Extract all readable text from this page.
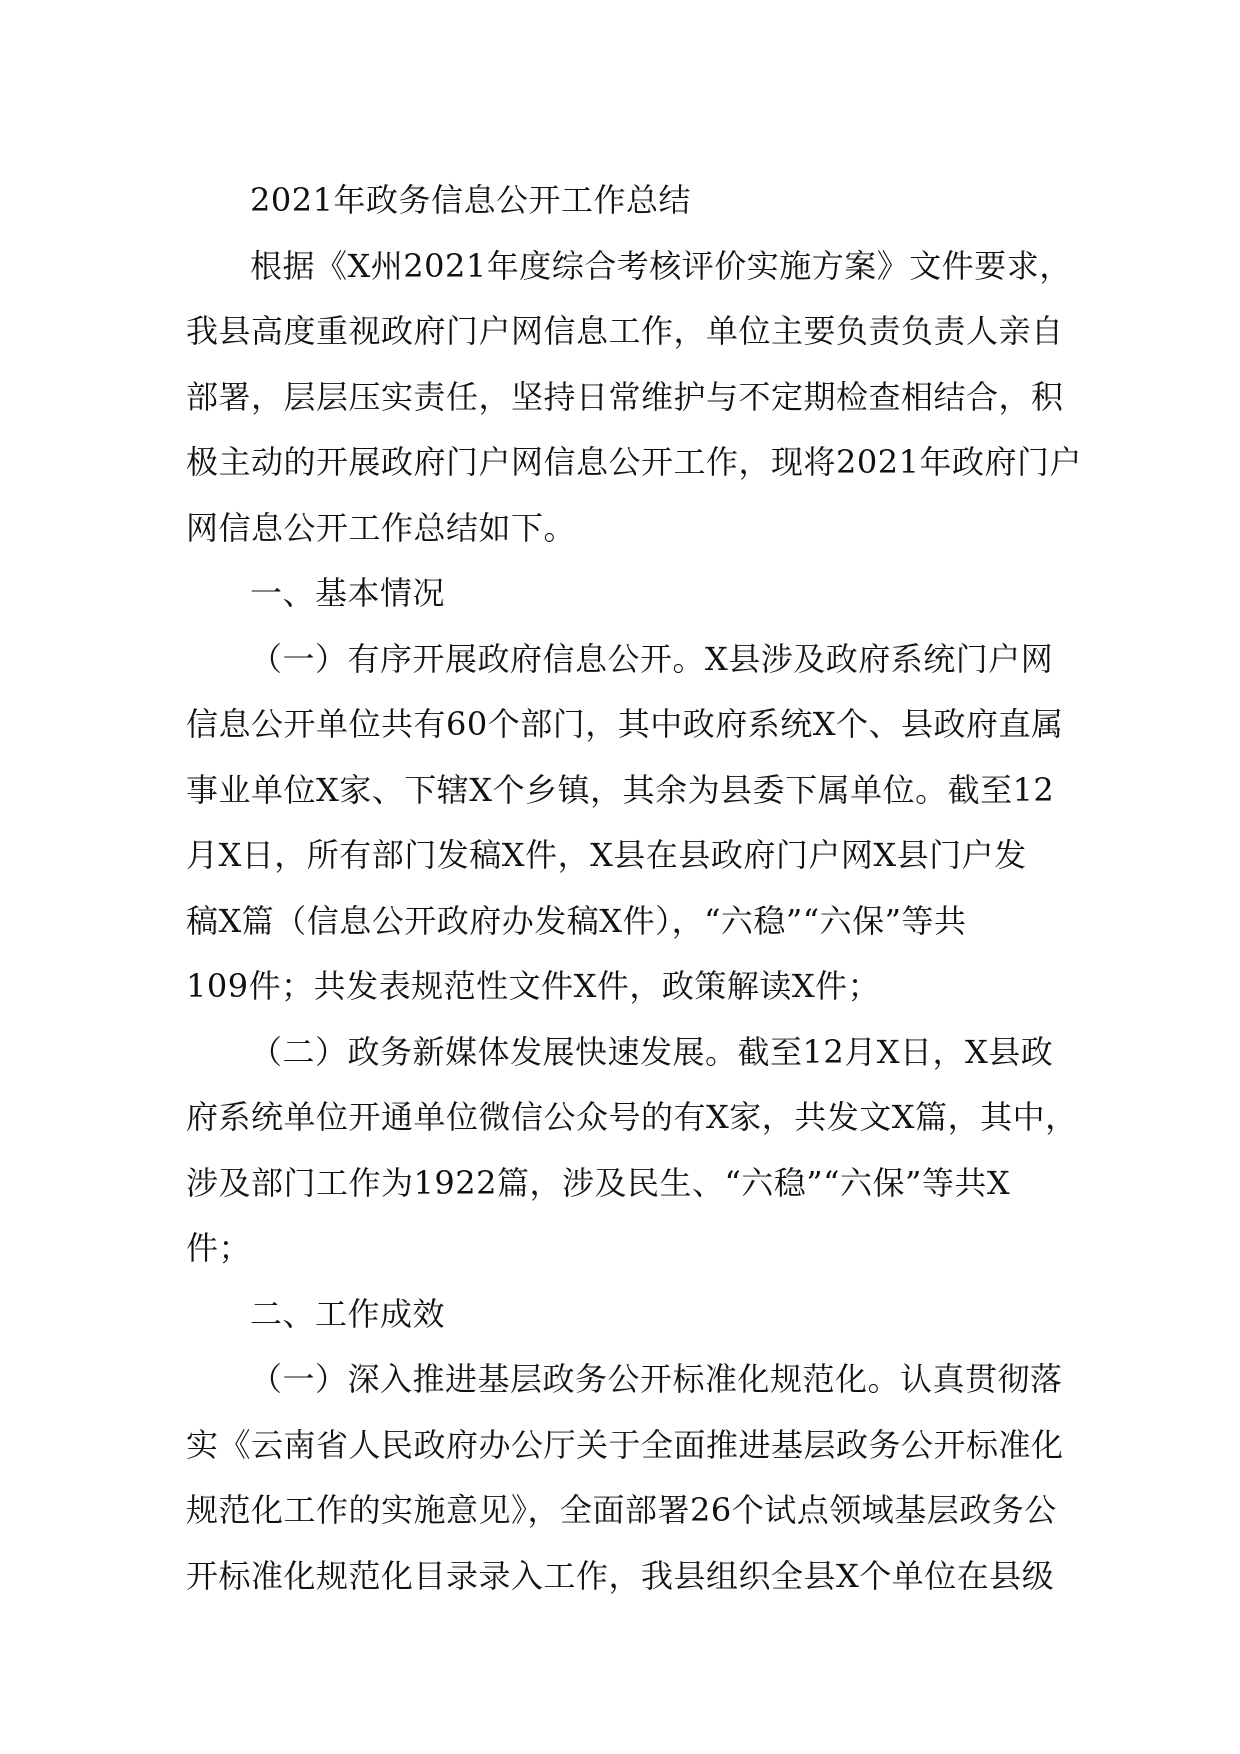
2021年政务信息公开工作总结
根据《X州2021年度综合考核评价实施方案》文件要求，
我县高度重视政府门户网信息工作，单位主要负责负责人亲自
部署，层层压实责任，坚持日常维护与不定期检查相结合，积
极主动的开展政府门户网信息公开工作，现将2021年政府门户
网信息公开工作总结如下。
一、基本情况
（一）有序开展政府信息公开。X县涉及政府系统门户网
信息公开单位共有60个部门，其中政府系统X个、县政府直属
事业单位X家、下辖X个乡镇，其余为县委下属单位。截至12
月X日，所有部门发稿X件，X县在县政府门户网X县门户发
稿X篇（信息公开政府办发稿X件），“六稳”“六保”等共
109件；共发表规范性文件X件，政策解读X件；
（二）政务新媒体发展快速发展。截至12月X日，X县政
府系统单位开通单位微信公众号的有X家，共发文X篇，其中，
涉及部门工作为1922篇，涉及民生、“六稳”“六保”等共X
件；
二、工作成效
（一）深入推进基层政务公开标准化规范化。认真贯彻落
实《云南省人民政府办公厅关于全面推进基层政务公开标准化
规范化工作的实施意见》，全面部署26个试点领域基层政务公
开标准化规范化目录录入工作，我县组织全县X个单位在县级
